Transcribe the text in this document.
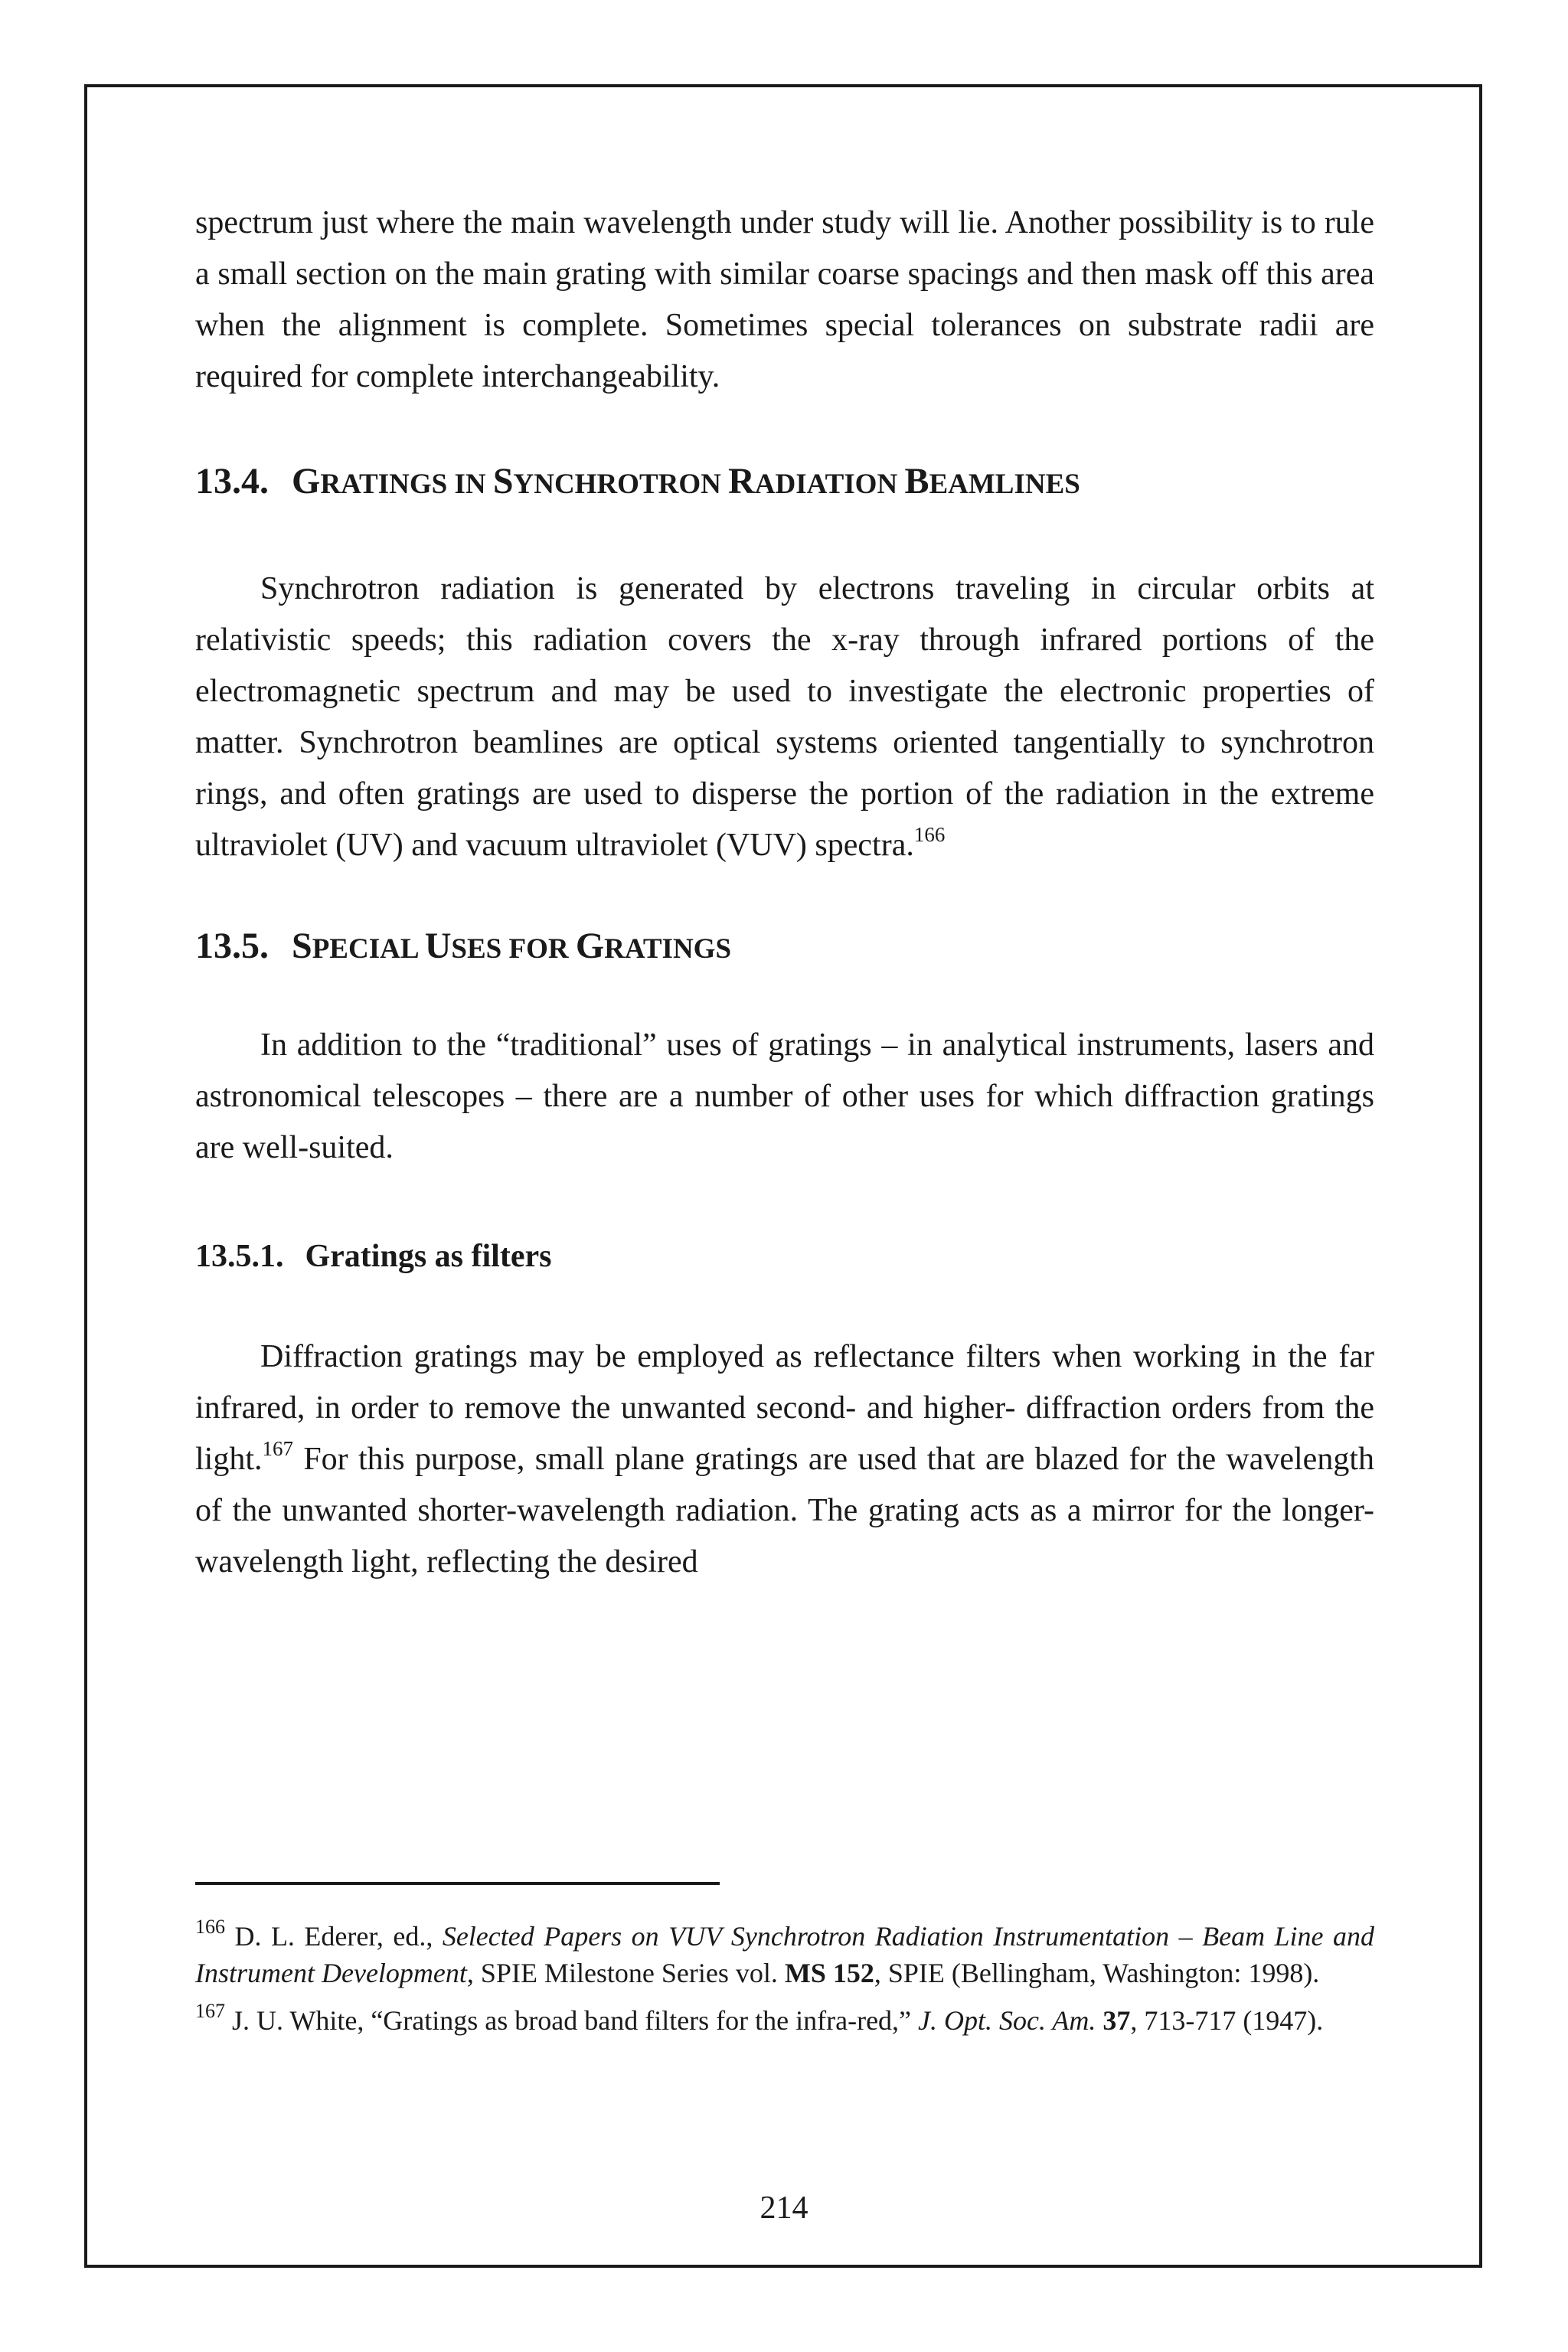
spectrum just where the main wavelength under study will lie. Another possibility is to rule a small section on the main grating with similar coarse spacings and then mask off this area when the alignment is complete. Sometimes special tolerances on substrate radii are required for complete interchangeability.

13.4. GRATINGS IN SYNCHROTRON RADIATION BEAMLINES

Synchrotron radiation is generated by electrons traveling in circular orbits at relativistic speeds; this radiation covers the x-ray through infrared portions of the electromagnetic spectrum and may be used to investigate the electronic properties of matter. Synchrotron beamlines are optical systems oriented tangentially to synchrotron rings, and often gratings are used to disperse the portion of the radiation in the extreme ultraviolet (UV) and vacuum ultraviolet (VUV) spectra.$^{166}$

13.5. SPECIAL USES FOR GRATINGS

In addition to the “traditional” uses of gratings – in analytical instruments, lasers and astronomical telescopes – there are a number of other uses for which diffraction gratings are well-suited.

13.5.1. Gratings as filters

Diffraction gratings may be employed as reflectance filters when working in the far infrared, in order to remove the unwanted second- and higher- diffraction orders from the light.$^{167}$ For this purpose, small plane gratings are used that are blazed for the wavelength of the unwanted shorter-wavelength radiation. The grating acts as a mirror for the longer-wavelength light, reflecting the desired

$^{166}$ D. L. Ederer, ed., Selected Papers on VUV Synchrotron Radiation Instrumentation – Beam Line and Instrument Development, SPIE Milestone Series vol. MS 152, SPIE (Bellingham, Washington: 1998).

$^{167}$ J. U. White, “Gratings as broad band filters for the infra-red,” J. Opt. Soc. Am. 37, 713-717 (1947).

214
